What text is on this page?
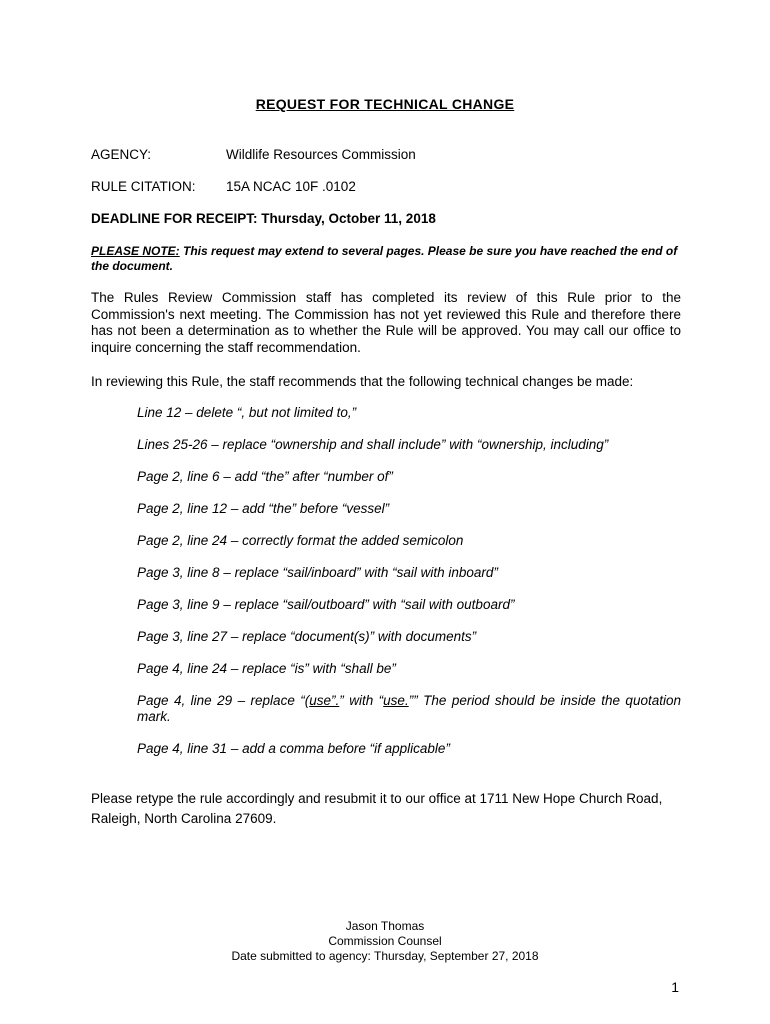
REQUEST FOR TECHNICAL CHANGE
AGENCY:	Wildlife Resources Commission
RULE CITATION: 15A NCAC 10F .0102
DEADLINE FOR RECEIPT: Thursday, October 11, 2018
PLEASE NOTE: This request may extend to several pages. Please be sure you have reached the end of the document.
The Rules Review Commission staff has completed its review of this Rule prior to the Commission's next meeting. The Commission has not yet reviewed this Rule and therefore there has not been a determination as to whether the Rule will be approved. You may call our office to inquire concerning the staff recommendation.
In reviewing this Rule, the staff recommends that the following technical changes be made:
Line 12 – delete “, but not limited to,”
Lines 25-26 – replace “ownership and shall include” with “ownership, including”
Page 2, line 6 – add “the” after “number of”
Page 2, line 12 – add “the” before “vessel”
Page 2, line 24 – correctly format the added semicolon
Page 3, line 8 – replace “sail/inboard” with “sail with inboard”
Page 3, line 9 – replace “sail/outboard” with “sail with outboard”
Page 3, line 27 – replace “document(s)” with documents”
Page 4, line 24 – replace “is” with “shall be”
Page 4, line 29 – replace “(use”.” with “use.”” The period should be inside the quotation mark.
Page 4, line 31 – add a comma before “if applicable”
Please retype the rule accordingly and resubmit it to our office at 1711 New Hope Church Road, Raleigh, North Carolina 27609.
Jason Thomas
Commission Counsel
Date submitted to agency: Thursday, September 27, 2018
1
